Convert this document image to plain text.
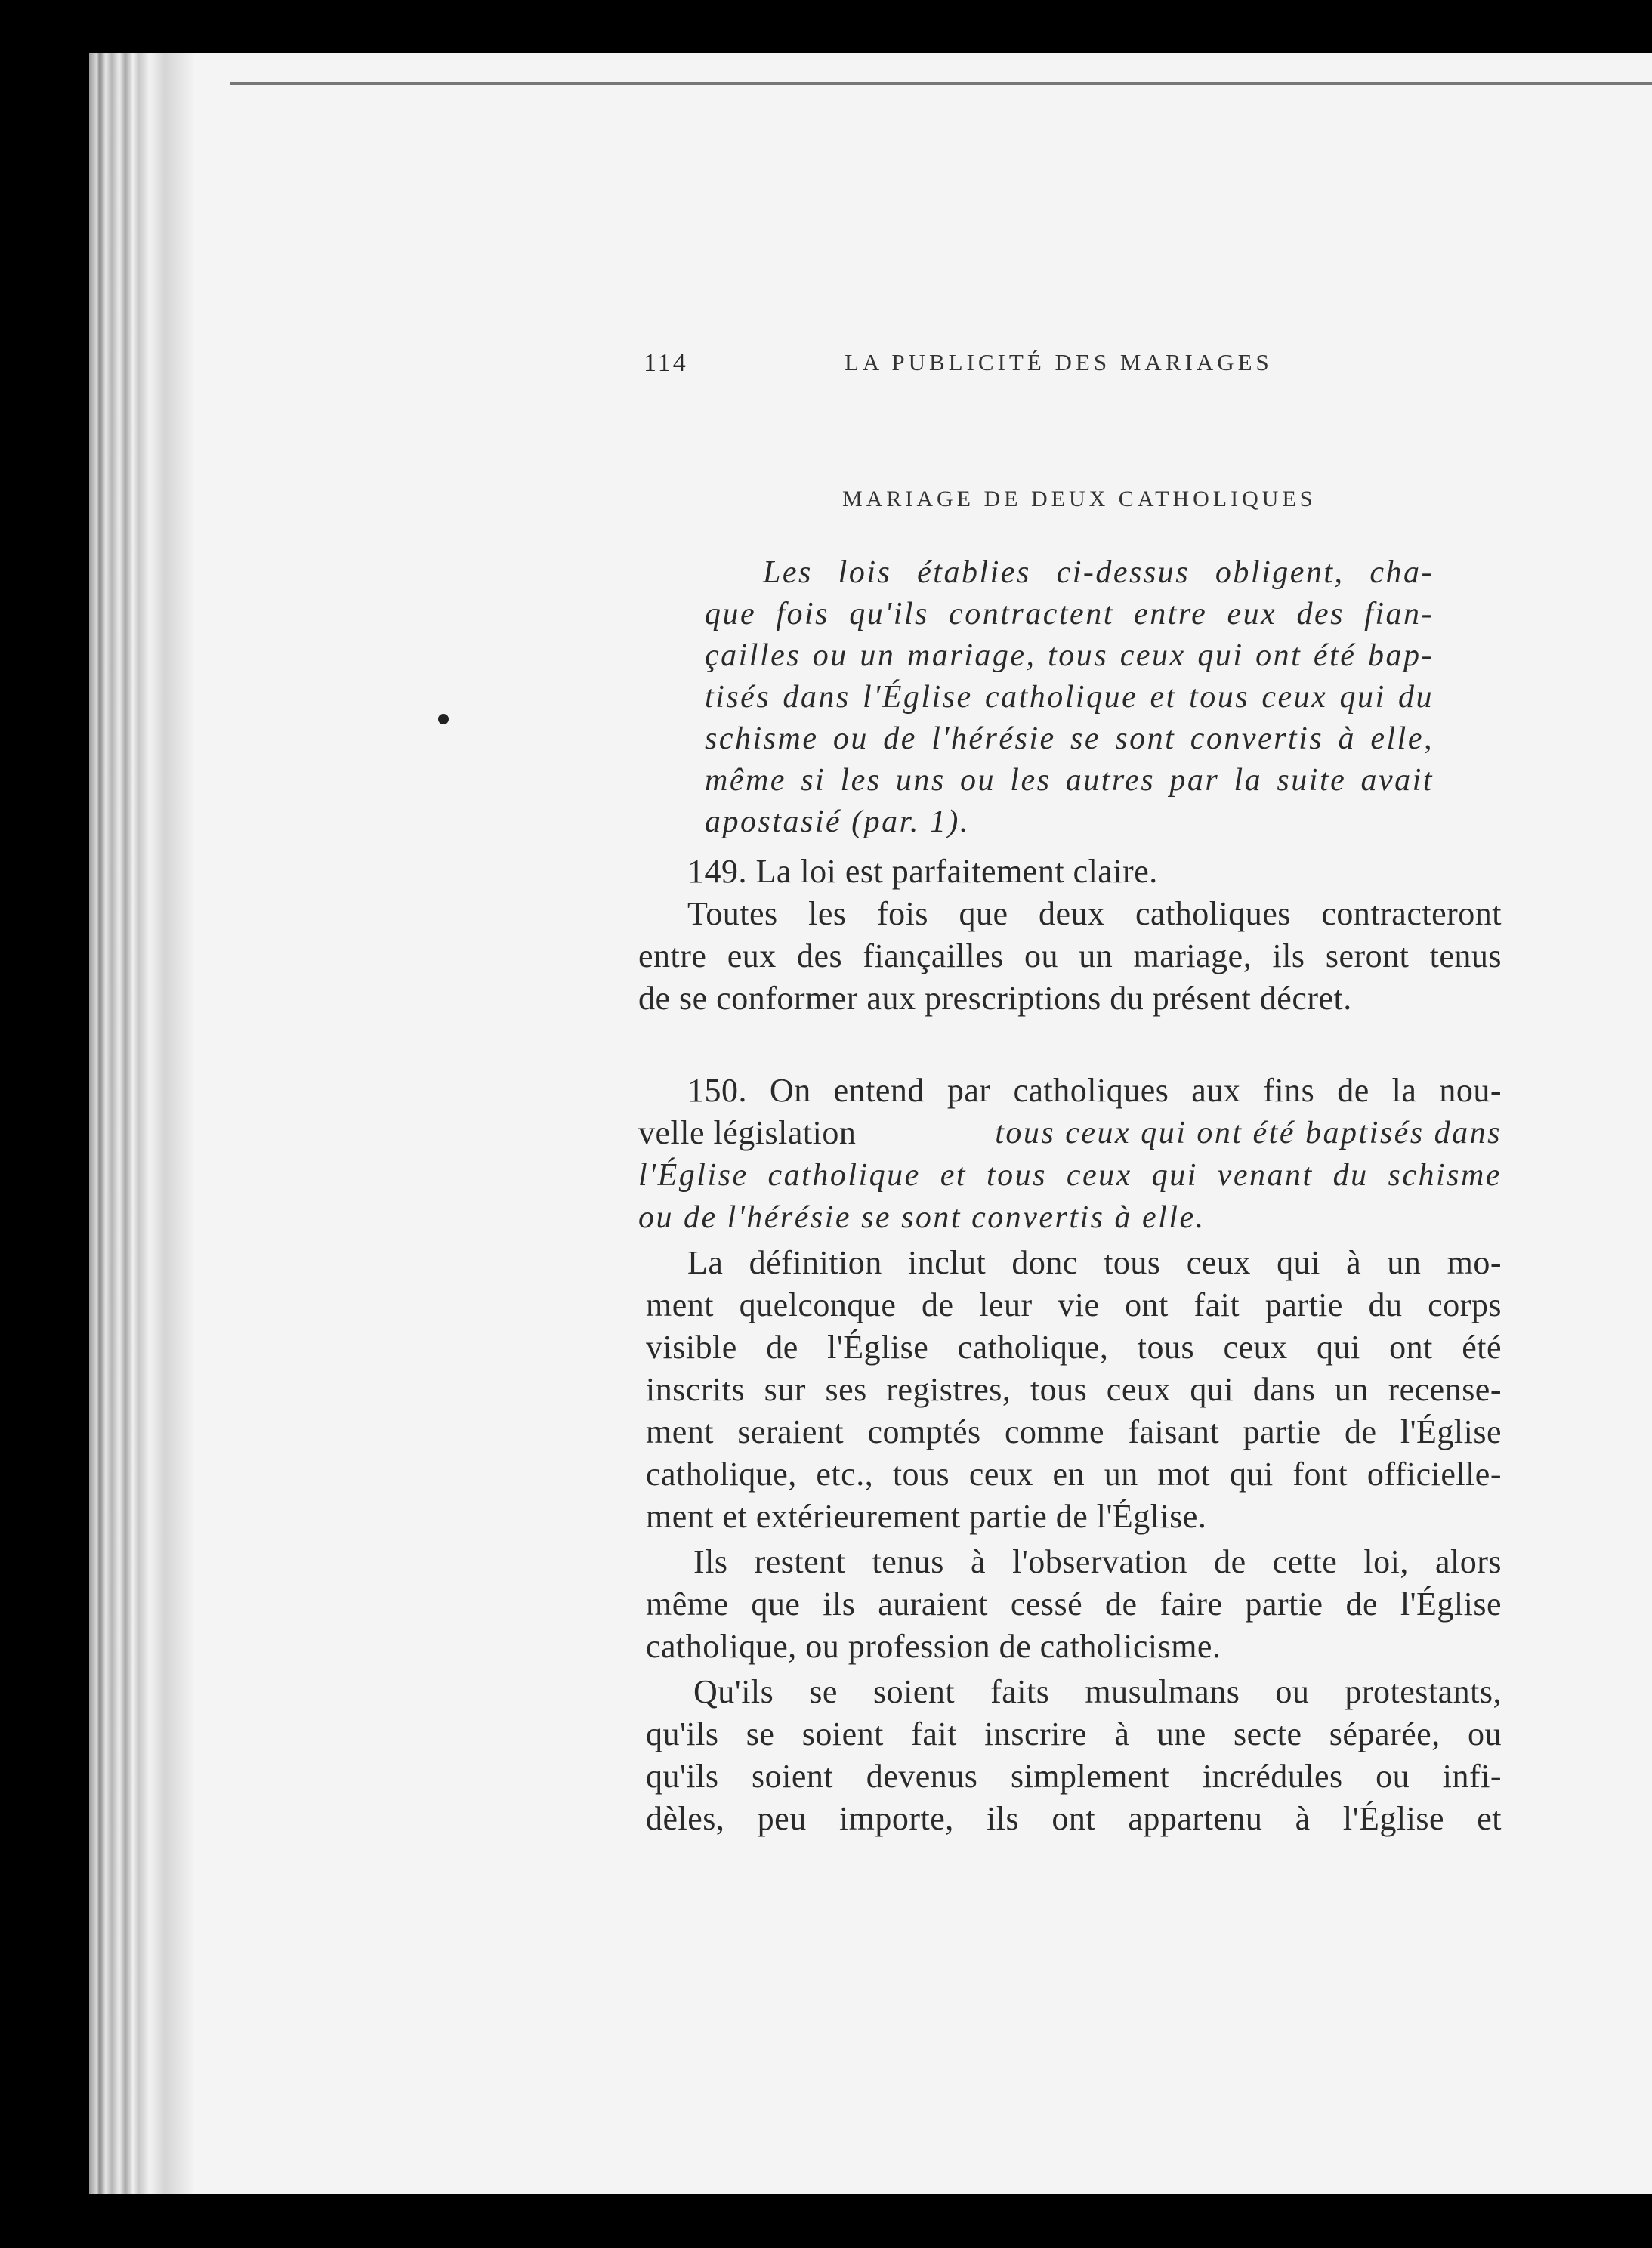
114	LA PUBLICITÉ DES MARIAGES
MARIAGE DE DEUX CATHOLIQUES
Les lois établies ci-dessus obligent, cha-
que fois qu'ils contractent entre eux des fian-
çailles ou un mariage, tous ceux qui ont été bap-
tisés dans l'Église catholique et tous ceux qui du
schisme ou de l'hérésie se sont convertis à elle,
même si les uns ou les autres par la suite avait
apostasié (par. 1).
149. La loi est parfaitement claire.
Toutes les fois que deux catholiques contracteront
entre eux des fiançailles ou un mariage, ils seront tenus
de se conformer aux prescriptions du présent décret.
150. On entend par catholiques aux fins de la nou-
velle législation	tous ceux qui ont été baptisés dans
l'Église catholique et tous ceux qui venant du schisme
ou de l'hérésie se sont convertis à elle.
La définition inclut donc tous ceux qui à un mo-
ment quelconque de leur vie ont fait partie du corps
visible de l'Église catholique, tous ceux qui ont été
inscrits sur ses registres, tous ceux qui dans un recense-
ment seraient comptés comme faisant partie de l'Église
catholique, etc., tous ceux en un mot qui font officielle-
ment et extérieurement partie de l'Église.
Ils restent tenus à l'observation de cette loi, alors
même que ils auraient cessé de faire partie de l'Église
catholique, ou profession de catholicisme.
Qu'ils se soient faits musulmans ou protestants,
qu'ils se soient fait inscrire à une secte séparée, ou
qu'ils soient devenus simplement incrédules ou infi-
dèles, peu importe, ils ont appartenu à l'Église et
